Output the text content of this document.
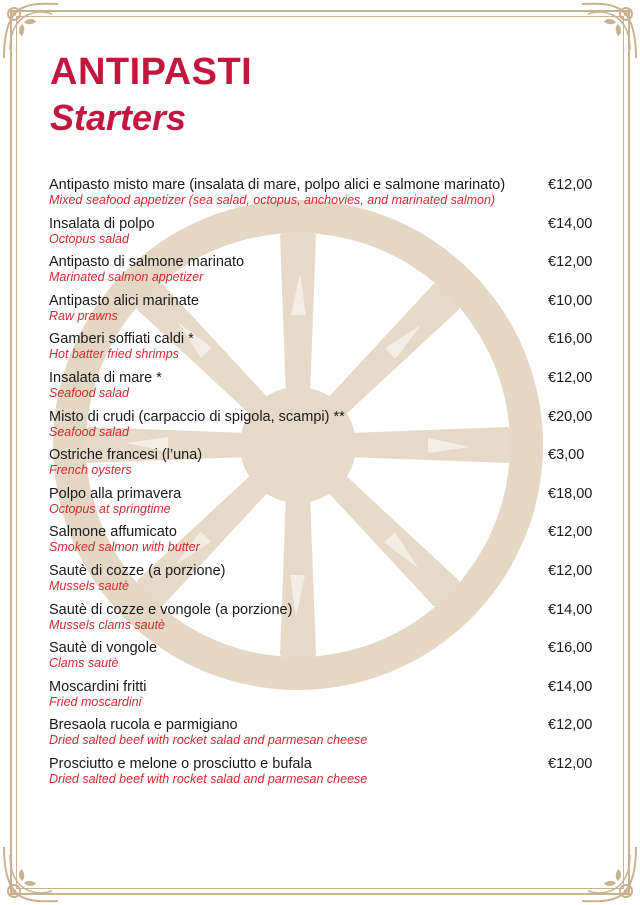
ANTIPASTI
Starters
Antipasto misto mare (insalata di mare, polpo alici e salmone marinato)
Mixed seafood appetizer (sea salad, octopus, anchovies, and marinated salmon)
€12,00
Insalata di polpo
Octopus salad
€14,00
Antipasto di salmone marinato
Marinated salmon appetizer
€12,00
Antipasto alici marinate
Raw prawns
€10,00
Gamberi soffiati caldi *
Hot batter fried shrimps
€16,00
Insalata di mare *
Seafood salad
€12,00
Misto di crudi (carpaccio di spigola, scampi) **
Seafood salad
€20,00
Ostriche francesi (l’una)
French oysters
€3,00
Polpo alla primavera
Octopus at springtime
€18,00
Salmone affumicato
Smoked salmon with butter
€12,00
Sautè di cozze (a porzione)
Mussels sautè
€12,00
Sautè di cozze e vongole (a porzione)
Mussels clams sautè
€14,00
Sautè di vongole
Clams sautè
€16,00
Moscardini fritti
Fried moscardini
€14,00
Bresaola rucola e parmigiano
Dried salted beef with rocket salad and parmesan cheese
€12,00
Prosciutto e melone o prosciutto e bufala
Dried salted beef with rocket salad and parmesan cheese
€12,00
